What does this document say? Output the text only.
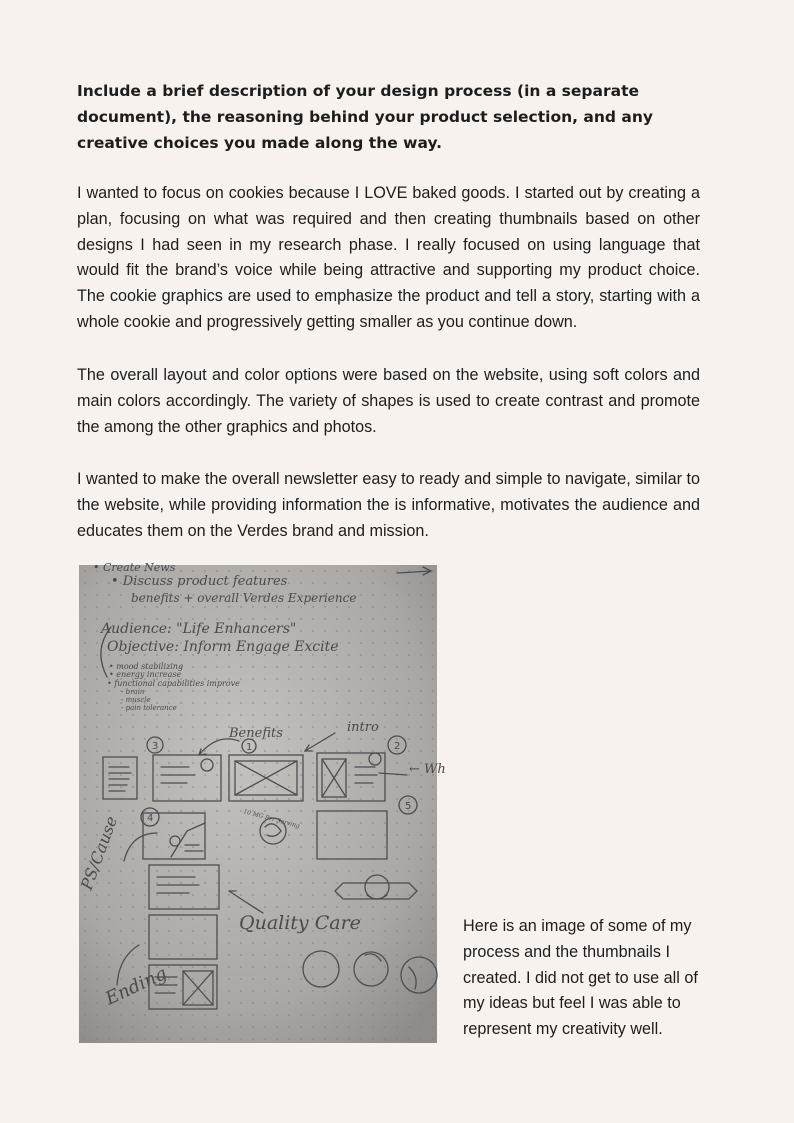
Include a brief description of your design process (in a separate document), the reasoning behind your product selection, and any creative choices you made along the way.

I wanted to focus on cookies because I LOVE baked goods. I started out by creating a plan, focusing on what was required and then creating thumbnails based on other designs I had seen in my research phase. I really focused on using language that would fit the brand’s voice while being attractive and supporting my product choice. The cookie graphics are used to emphasize the product and tell a story, starting with a whole cookie and progressively getting smaller as you continue down.

The overall layout and color options were based on the website, using soft colors and main colors accordingly. The variety of shapes is used to create contrast and promote the among the other graphics and photos.

I wanted to make the overall newsletter easy to ready and simple to navigate, similar to the website, while providing information the is informative, motivates the audience and educates them on the Verdes brand and mission.

• Create News
• Discuss product features
benefits + overall Verdes Experience
Audience: "Life Enhancers"
Objective: Inform Engage Excite
• mood stabilizing
• energy increase
• functional capabilities improve
- brain
- muscle
- pain tolerance
3	1	2
4
5
Benefits	intro
← Wh
Quality Care
PS/Cause
Ending
10 MG Per Serving

Here is an image of some of my process and the thumbnails I created. I did not get to use all of my ideas but feel I was able to represent my creativity well.
